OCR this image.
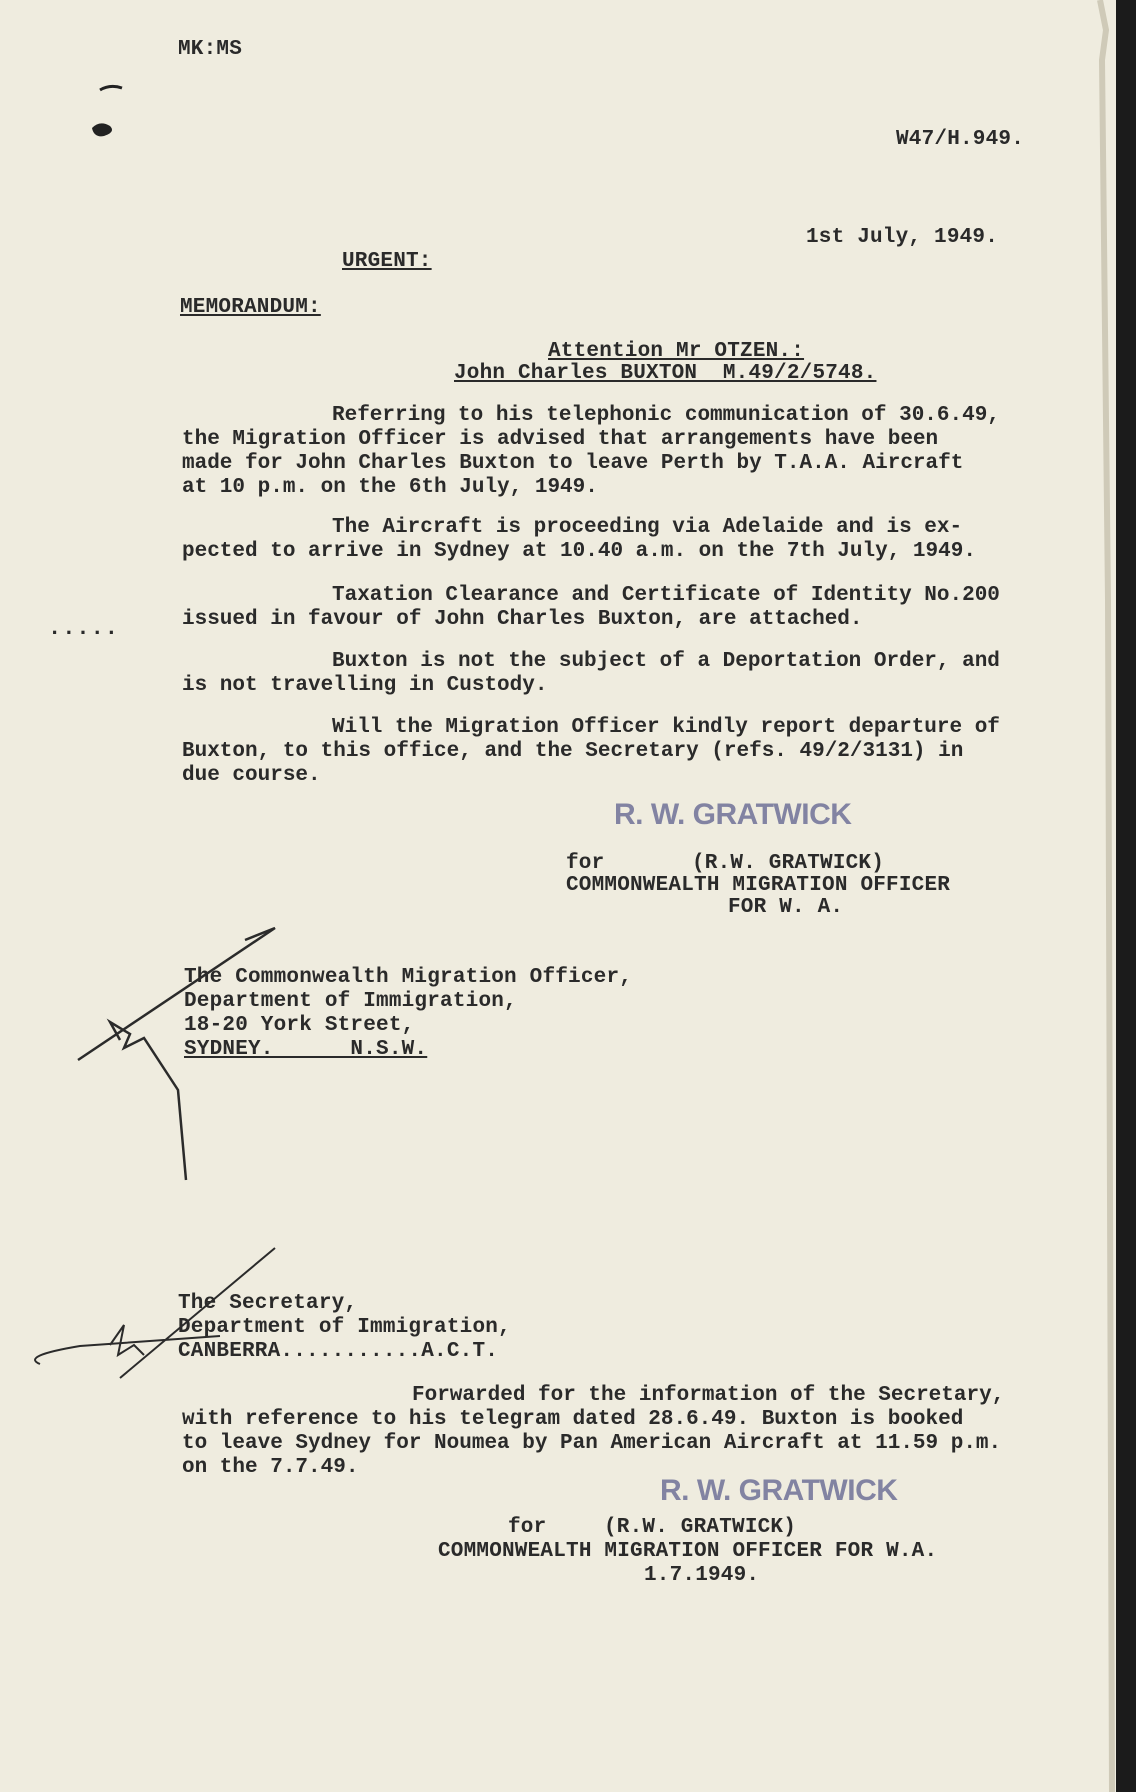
MK:MS
W47/H.949.
1st July, 1949.
URGENT:
MEMORANDUM:
Attention Mr OTZEN.:
John Charles BUXTON  M.49/2/5748.
Referring to his telephonic communication of 30.6.49,
the Migration Officer is advised that arrangements have been
made for John Charles Buxton to leave Perth by T.A.A. Aircraft
at 10 p.m. on the 6th July, 1949.
The Aircraft is proceeding via Adelaide and is ex-
pected to arrive in Sydney at 10.40 a.m. on the 7th July, 1949.
Taxation Clearance and Certificate of Identity No.200
issued in favour of John Charles Buxton, are attached.
Buxton is not the subject of a Deportation Order, and
is not travelling in Custody.
Will the Migration Officer kindly report departure of
Buxton, to this office, and the Secretary (refs. 49/2/3131) in
due course.
.....
R. W. GRATWICK
for	(R.W. GRATWICK)
COMMONWEALTH MIGRATION OFFICER
FOR W. A.
The Commonwealth Migration Officer,
Department of Immigration,
18-20 York Street,
SYDNEY.      N.S.W.
The Secretary,
Department of Immigration,
CANBERRA...........A.C.T.
Forwarded for the information of the Secretary,
with reference to his telegram dated 28.6.49. Buxton is booked
to leave Sydney for Noumea by Pan American Aircraft at 11.59 p.m.
on the 7.7.49.
R. W. GRATWICK
for	(R.W. GRATWICK)
COMMONWEALTH MIGRATION OFFICER FOR W.A.
1.7.1949.
